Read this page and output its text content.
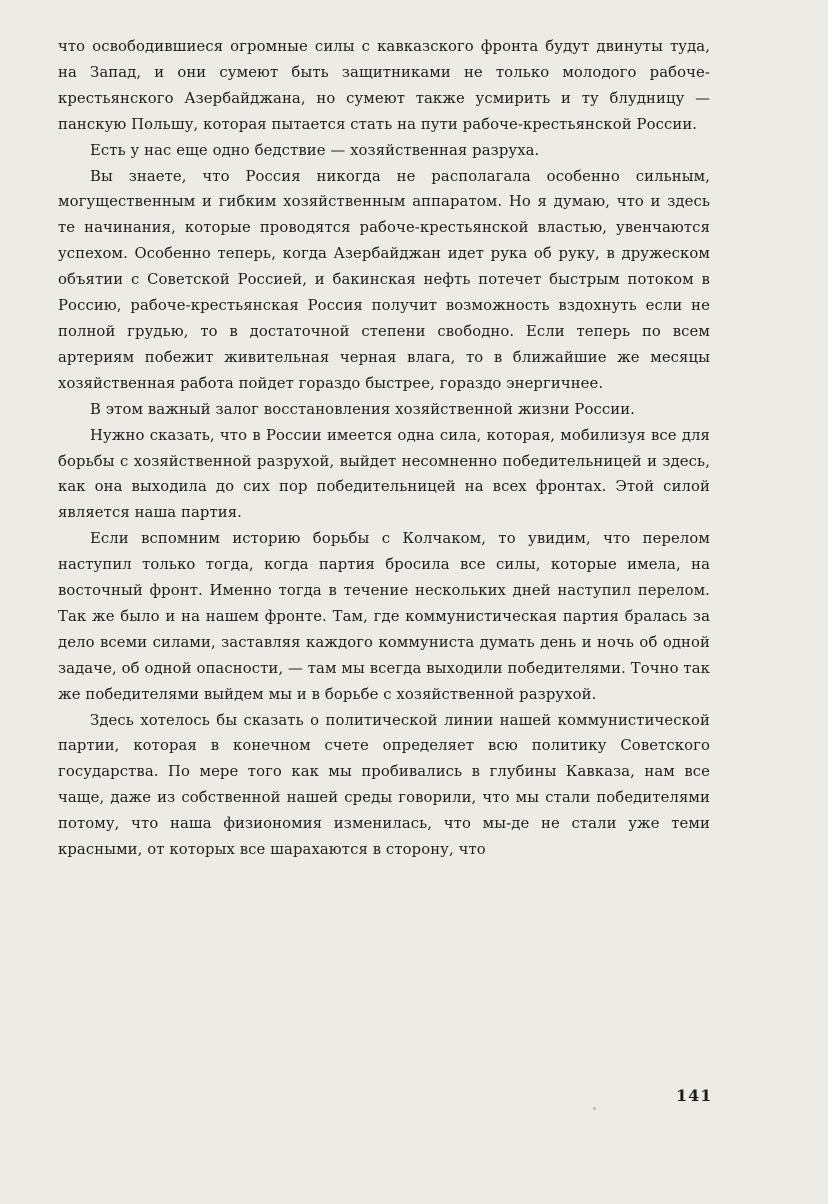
что освободившиеся огромные силы с кавказского фронта будут двинуты туда, на Запад, и они сумеют быть защитниками не только молодого рабоче-крестьянского Азербайджана, но сумеют также усмирить и ту блудницу — панскую Польшу, которая пытается стать на пути рабоче-крестьянской России.

Есть у нас еще одно бедствие — хозяйственная разруха.

Вы знаете, что Россия никогда не располагала особенно сильным, могущественным и гибким хозяйственным аппаратом. Но я думаю, что и здесь те начинания, которые проводятся рабоче-крестьянской властью, увенчаются успехом. Особенно теперь, когда Азербайджан идет рука об руку, в дружеском объятии с Советской Россией, и бакинская нефть потечет быстрым потоком в Россию, рабоче-крестьянская Россия получит возможность вздохнуть если не полной грудью, то в достаточной степени свободно. Если теперь по всем артериям побежит живительная черная влага, то в ближайшие же месяцы хозяйственная работа пойдет гораздо быстрее, гораздо энергичнее.

В этом важный залог восстановления хозяйственной жизни России.

Нужно сказать, что в России имеется одна сила, которая, мобилизуя все для борьбы с хозяйственной разрухой, выйдет несомненно победительницей и здесь, как она выходила до сих пор победительницей на всех фронтах. Этой силой является наша партия.

Если вспомним историю борьбы с Колчаком, то увидим, что перелом наступил только тогда, когда партия бросила все силы, которые имела, на восточный фронт. Именно тогда в течение нескольких дней наступил перелом. Так же было и на нашем фронте. Там, где коммунистическая партия бралась за дело всеми силами, заставляя каждого коммуниста думать день и ночь об одной задаче, об одной опасности, — там мы всегда выходили победителями. Точно так же победителями выйдем мы и в борьбе с хозяйственной разрухой.

Здесь хотелось бы сказать о политической линии нашей коммунистической партии, которая в конечном счете определяет всю политику Советского государства. По мере того как мы пробивались в глубины Кавказа, нам все чаще, даже из собственной нашей среды говорили, что мы стали победителями потому, что наша физиономия изменилась, что мы-де не стали уже теми красными, от которых все шарахаются в сторону, что

141
